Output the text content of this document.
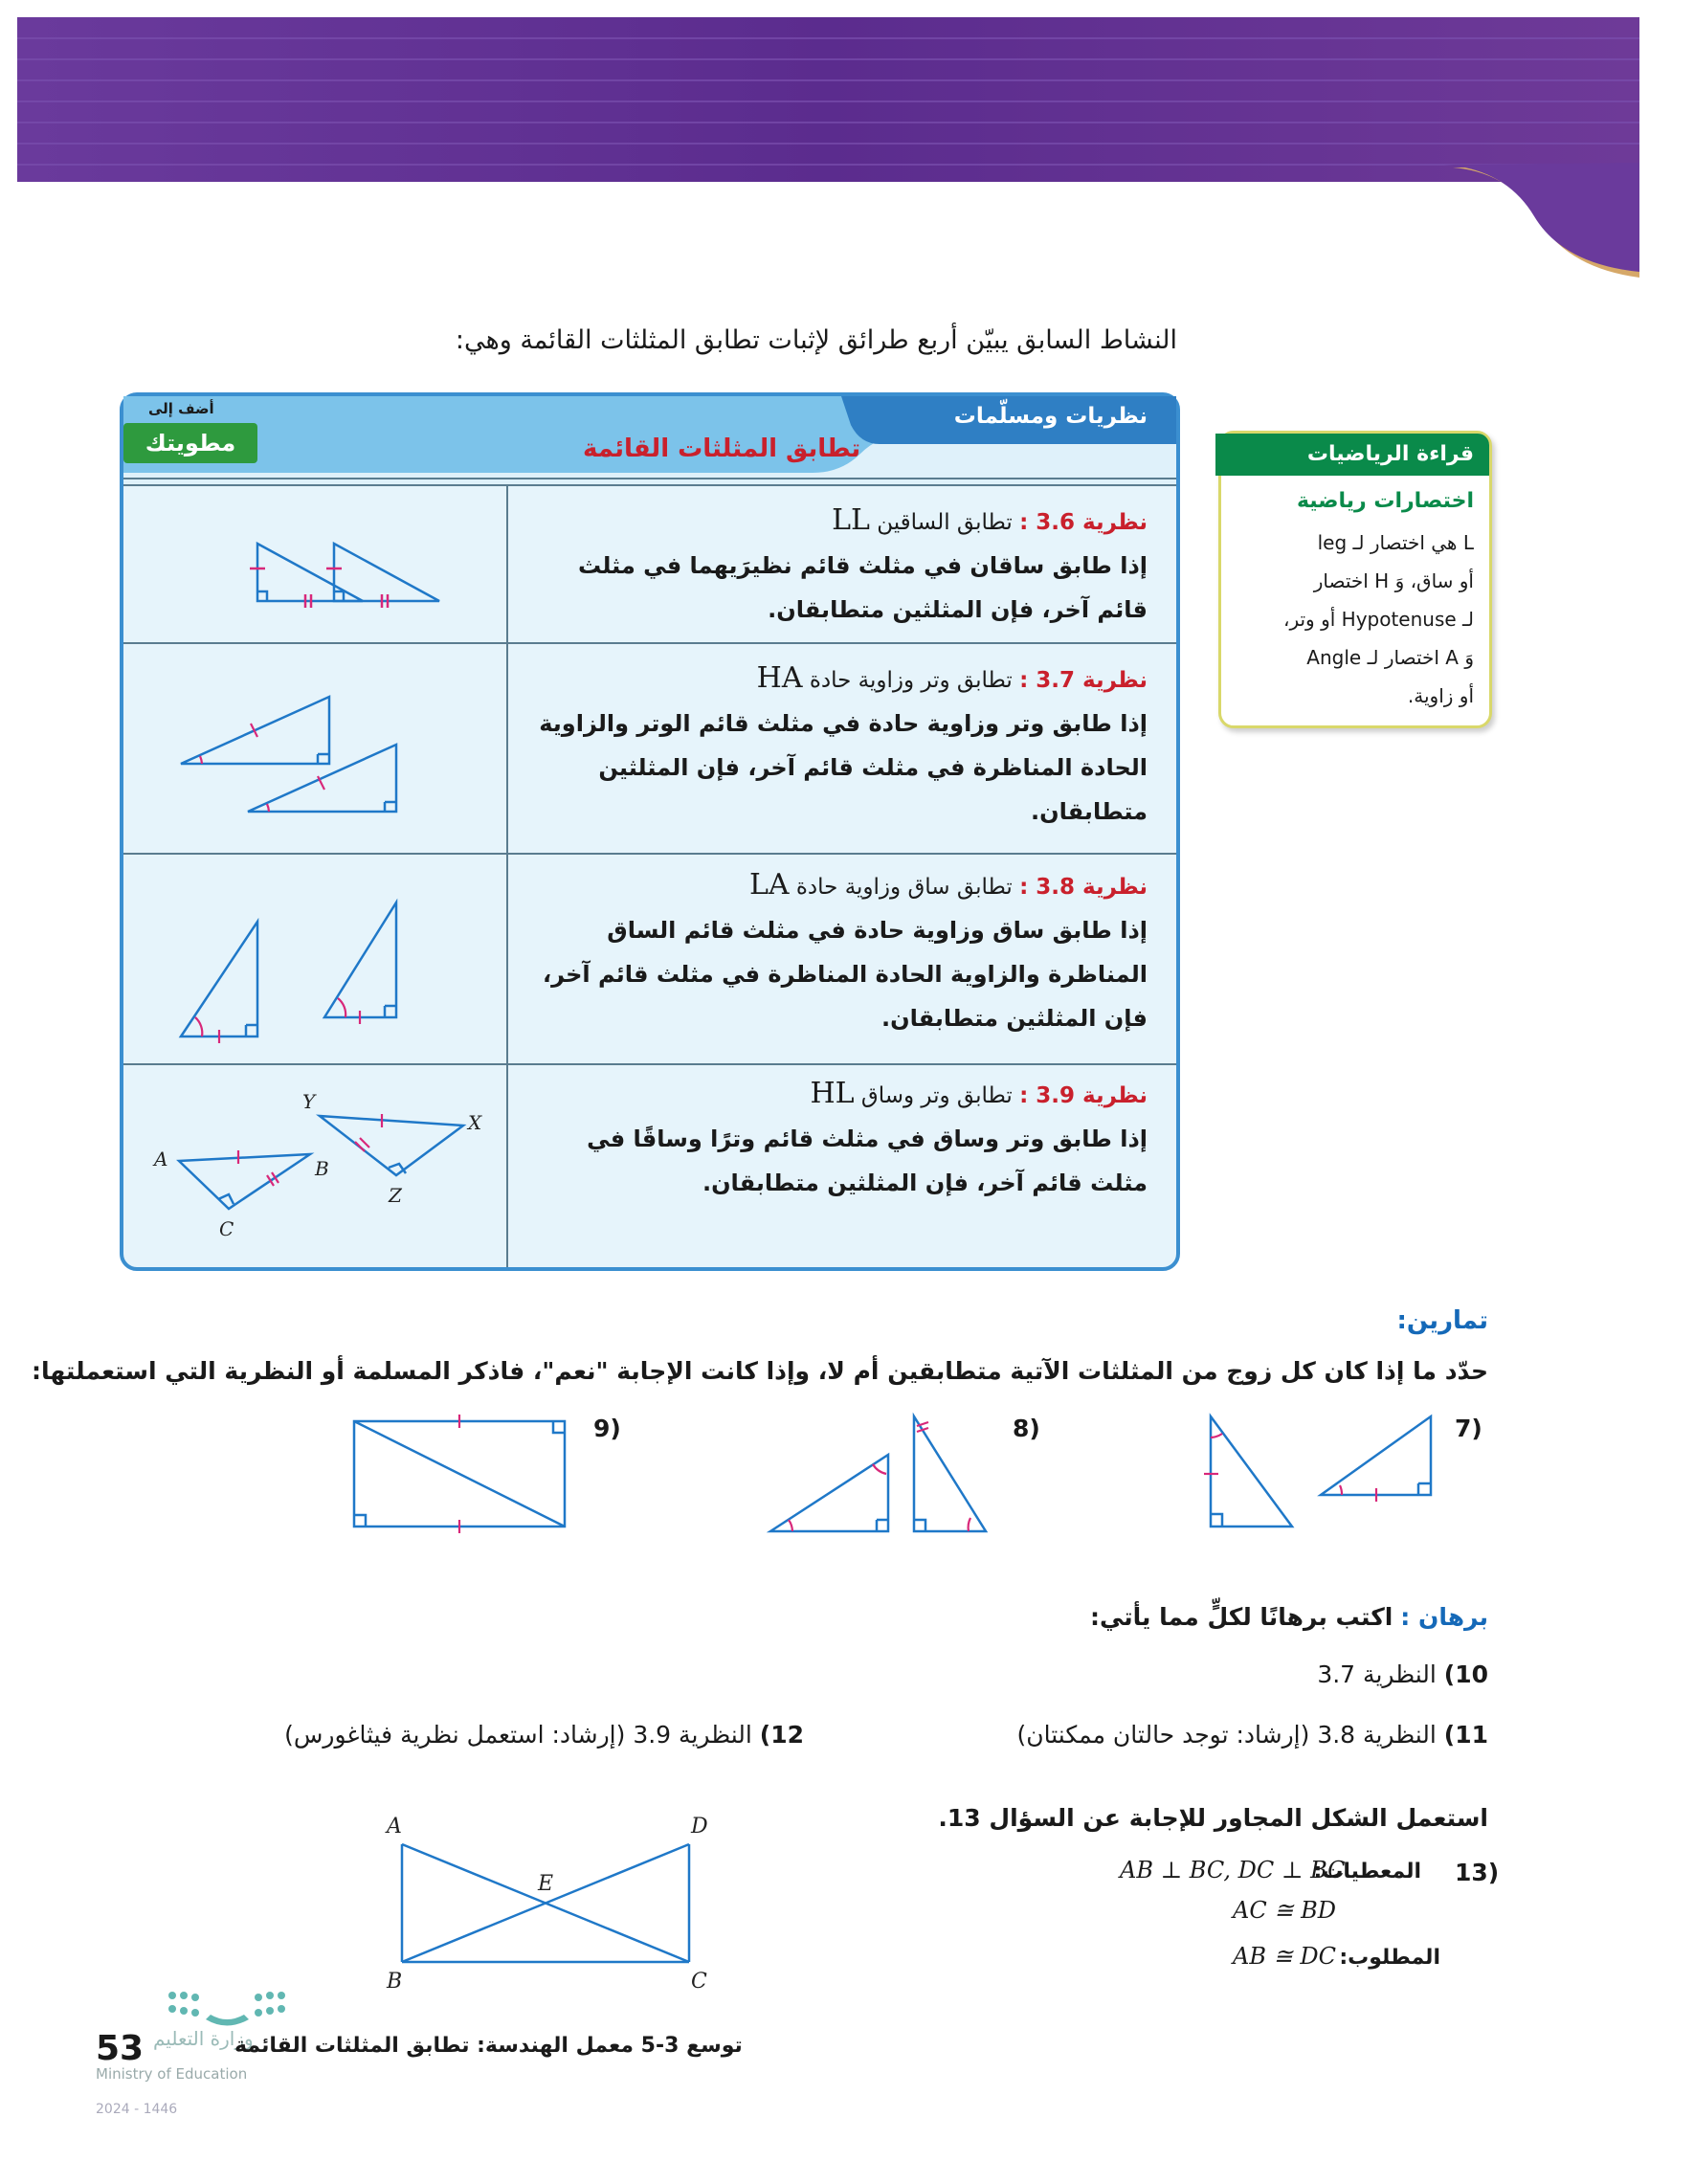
النشاط السابق يبيّن أربع طرائق لإثبات تطابق المثلثات القائمة وهي:
نظريات ومسلّمات
تطابق المثلثات القائمة
أضف إلى
مطويتك
نظرية 3.6 : تطابق الساقين LL
إذا طابق ساقان في مثلث قائم نظيرَيهما في مثلث قائم آخر، فإن المثلثين متطابقان.
نظرية 3.7 : تطابق وتر وزاوية حادة HA
إذا طابق وتر وزاوية حادة في مثلث قائم الوتر والزاوية الحادة المناظرة في مثلث قائم آخر، فإن المثلثين متطابقان.
نظرية 3.8 : تطابق ساق وزاوية حادة LA
إذا طابق ساق وزاوية حادة في مثلث قائم الساق المناظرة والزاوية الحادة المناظرة في مثلث قائم آخر، فإن المثلثين متطابقان.
نظرية 3.9 : تطابق وتر وساق HL
إذا طابق وتر وساق في مثلث قائم وترًا وساقًا في مثلث قائم آخر، فإن المثلثين متطابقان.
A	B
C
X
Y
Z
قراءة الرياضيات
اختصارات رياضية
L هي اختصار لـ leg
أو ساق، وَ H اختصار
لـ Hypotenuse أو وتر،
وَ A اختصار لـ Angle
أو زاوية.
تمارين:
حدّد ما إذا كان كل زوج من المثلثات الآتية متطابقين أم لا، وإذا كانت الإجابة "نعم"، فاذكر المسلمة أو النظرية التي استعملتها:
7)
8)
9)
برهان : اكتب برهانًا لكلٍّ مما يأتي:
10) النظرية 3.7
11) النظرية 3.8 (إرشاد: توجد حالتان ممكنتان)
12) النظرية 3.9 (إرشاد: استعمل نظرية فيثاغورس)
استعمل الشكل المجاور للإجابة عن السؤال 13.
13)
المعطيات:
AB ⊥ BC, DC ⊥ BC
AC ≅ BD
المطلوب:
AB ≅ DC
A	D
E
B	C
53 وزارة التعليم
Ministry of Education
2024 - 1446
توسع 3-5 معمل الهندسة: تطابق المثلثات القائمة
